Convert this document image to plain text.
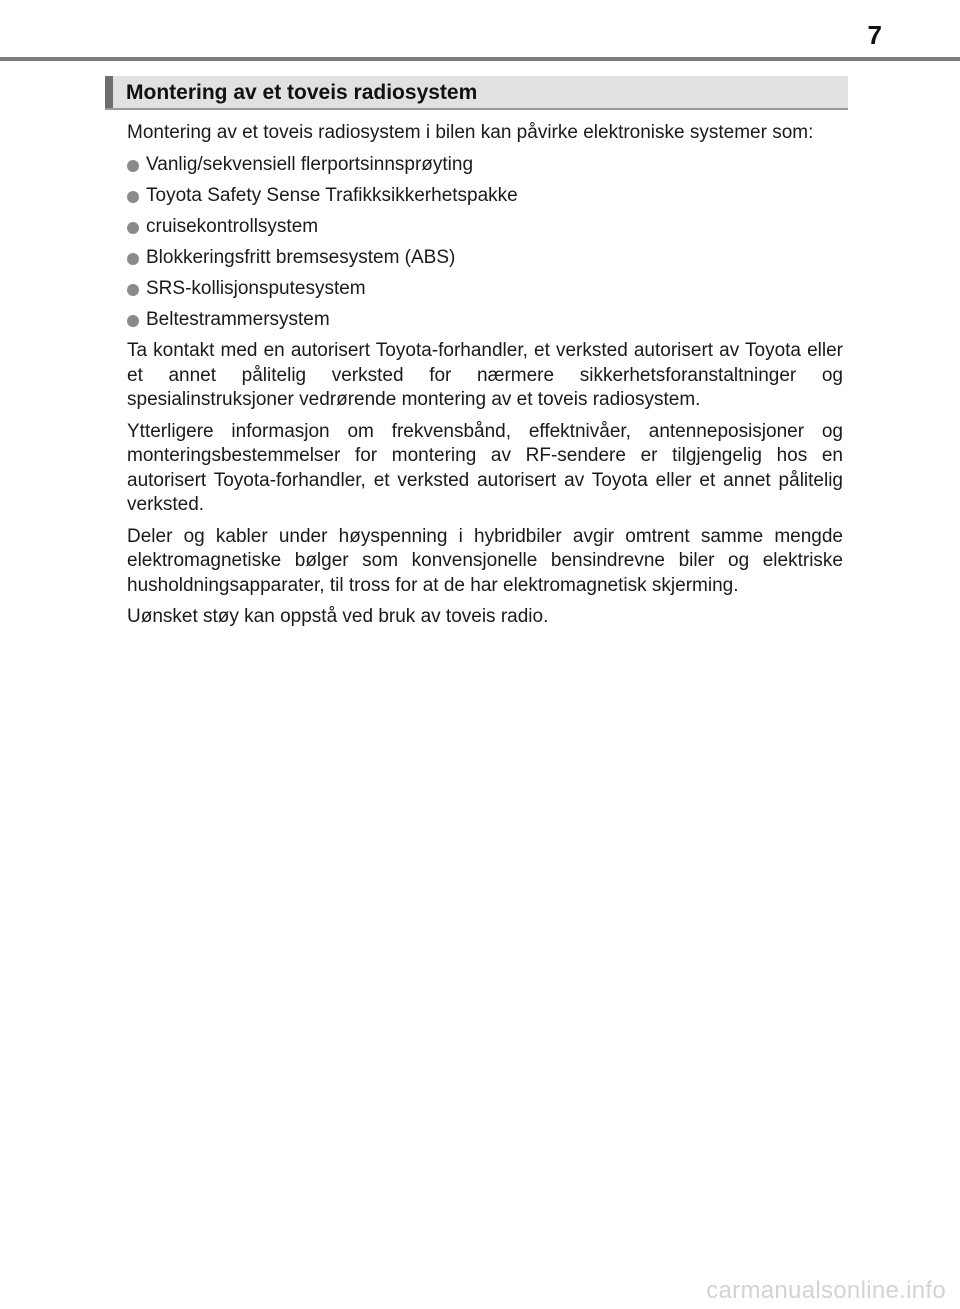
7
Montering av et toveis radiosystem

Montering av et toveis radiosystem i bilen kan påvirke elektroniske systemer som:

Vanlig/sekvensiell flerportsinnsprøyting
Toyota Safety Sense Trafikksikkerhetspakke
cruisekontrollsystem
Blokkeringsfritt bremsesystem (ABS)
SRS-kollisjonsputesystem
Beltestrammersystem

Ta kontakt med en autorisert Toyota-forhandler, et verksted autorisert av Toyota eller et annet pålitelig verksted for nærmere sikkerhetsforanstaltninger og spesialinstruksjoner vedrørende montering av et toveis radiosystem.

Ytterligere informasjon om frekvensbånd, effektnivåer, antenneposisjoner og monteringsbestemmelser for montering av RF-sendere er tilgjengelig hos en autorisert Toyota-forhandler, et verksted autorisert av Toyota eller et annet pålitelig verksted.

Deler og kabler under høyspenning i hybridbiler avgir omtrent samme mengde elektromagnetiske bølger som konvensjonelle bensindrevne biler og elektriske husholdningsapparater, til tross for at de har elektromagnetisk skjerming.

Uønsket støy kan oppstå ved bruk av toveis radio.

carmanualsonline.info
